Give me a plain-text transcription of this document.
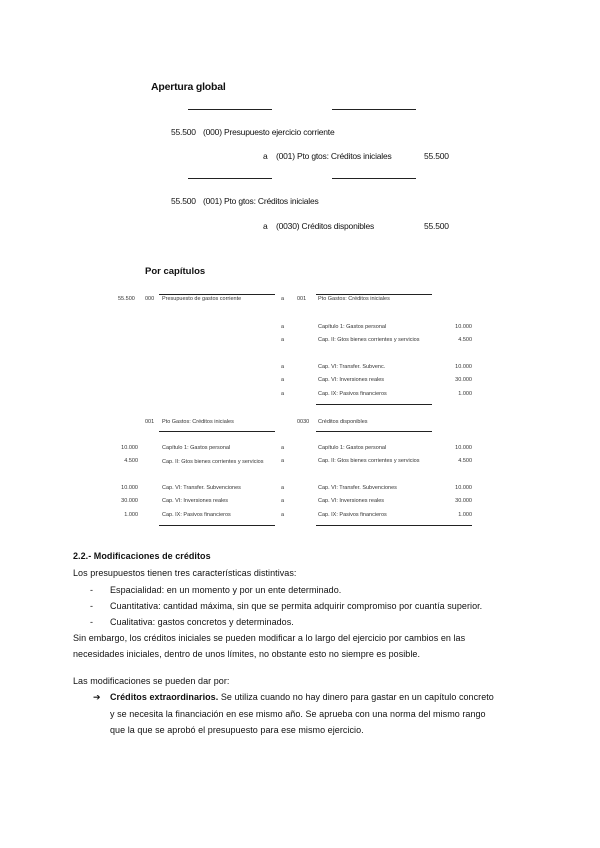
Apertura global
55.500 (000) Presupuesto ejercicio corriente
a (001) Pto gtos: Créditos iniciales	55.500
55.500 (001) Pto gtos: Créditos iniciales
a (0030) Créditos disponibles	55.500
Por capítulos
55.500 000 Presupuesto de gastos corriente	a 001 Pto Gastos: Créditos iniciales
a	Capítulo 1: Gastos personal	10.000
a	Cap. II: Gtos bienes corrientes y servicios	4.500
a	Cap. VI: Transfer. Subvenc.	10.000
a	Cap. VI: Inversiones reales	30.000
a	Cap. IX: Pasivos financieros	1.000
001 Pto Gastos: Créditos iniciales	0030 Créditos disponibles
10.000	Capítulo 1: Gastos personal	a	Capítulo 1: Gastos personal	10.000
4.500	Cap. II: Gtos bienes corrientes y servicios	a	Cap. II: Gtos bienes corrientes y servicios	4.500
10.000	Cap. VI: Transfer. Subvenciones	a	Cap. VI: Transfer. Subvenciones	10.000
30.000	Cap. VI: Inversiones reales	a	Cap. VI: Inversiones reales	30.000
1.000	Cap. IX: Pasivos financieros	a	Cap. IX: Pasivos financieros	1.000
2.2.- Modificaciones de créditos
Los presupuestos tienen tres características distintivas:
- Espacialidad: en un momento y por un ente determinado.
- Cuantitativa: cantidad máxima, sin que se permita adquirir compromiso por cuantía superior.
- Cualitativa: gastos concretos y determinados.
Sin embargo, los créditos iniciales se pueden modificar a lo largo del ejercicio por cambios en las
necesidades iniciales, dentro de unos límites, no obstante esto no siempre es posible.
Las modificaciones se pueden dar por:
➔ Créditos extraordinarios. Se utiliza cuando no hay dinero para gastar en un capítulo concreto
y se necesita la financiación en ese mismo año. Se aprueba con una norma del mismo rango
que la que se aprobó el presupuesto para ese mismo ejercicio.
